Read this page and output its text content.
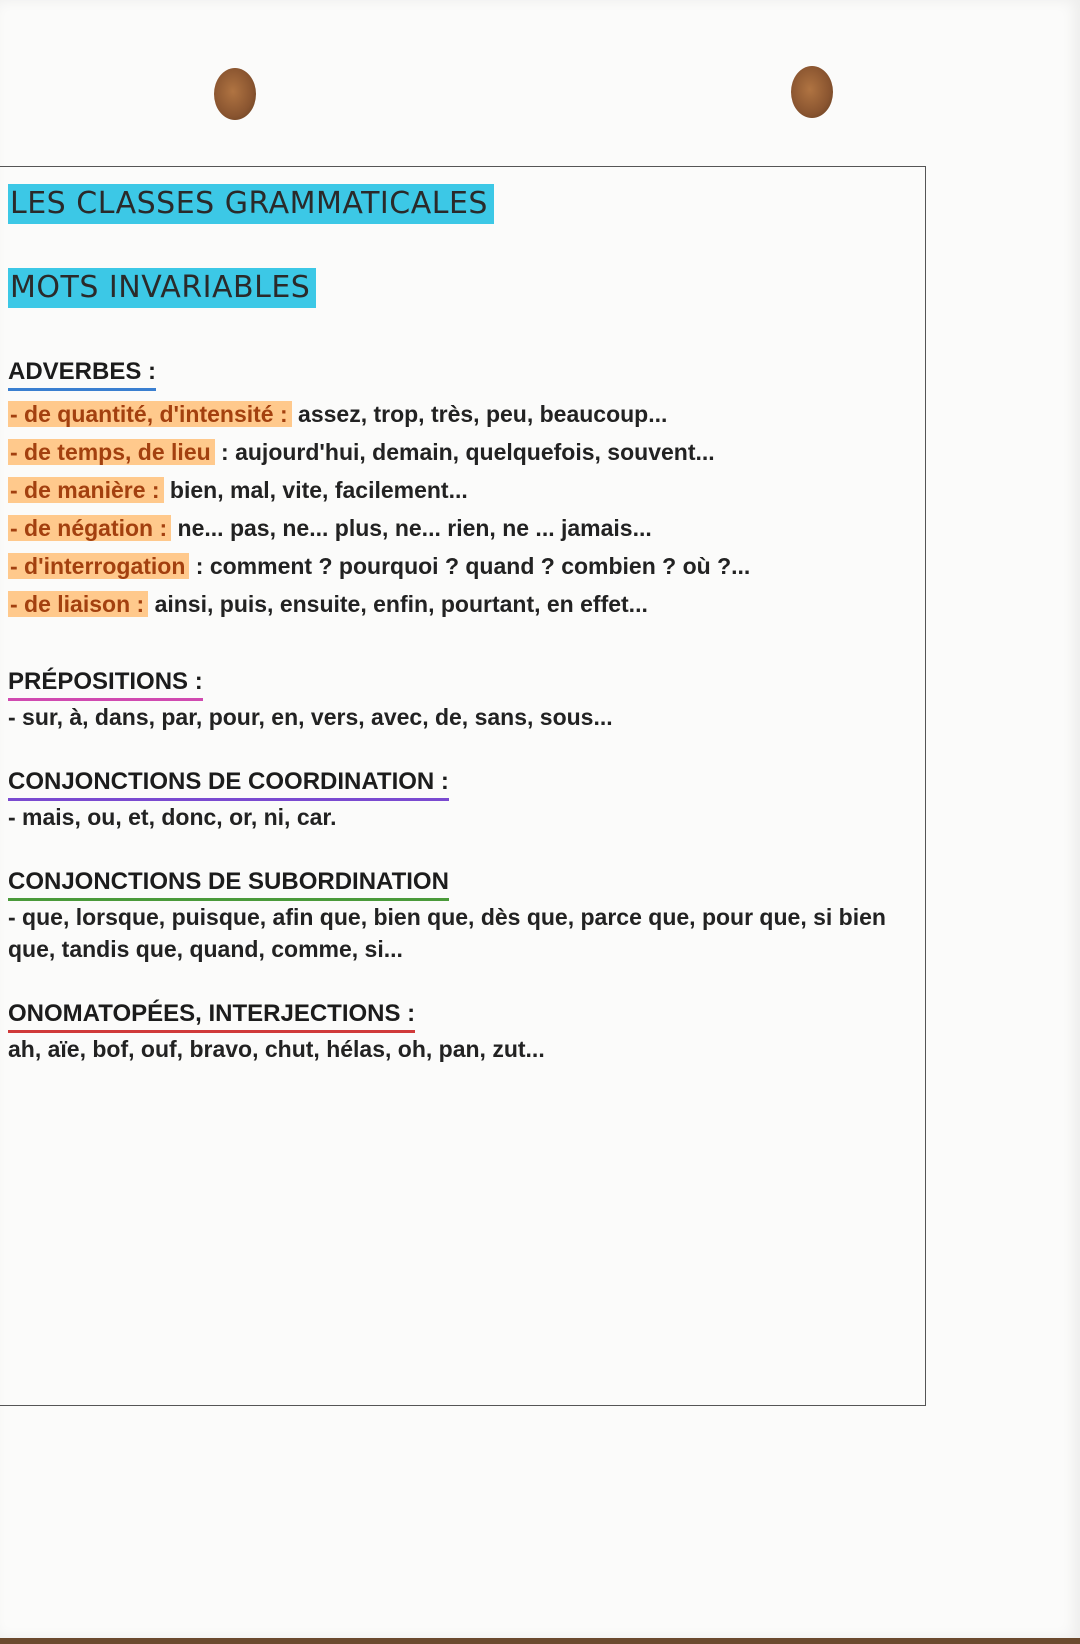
LES CLASSES GRAMMATICALES
MOTS INVARIABLES
ADVERBES :
- de quantité, d'intensité : assez, trop, très, peu, beaucoup...
- de temps, de lieu : aujourd'hui, demain, quelquefois, souvent...
- de manière : bien, mal, vite, facilement...
- de négation : ne... pas, ne... plus, ne... rien, ne ... jamais...
- d'interrogation : comment ? pourquoi ? quand ? combien ? où ?...
- de liaison : ainsi, puis, ensuite, enfin, pourtant, en effet...
PRÉPOSITIONS :
- sur, à, dans, par, pour, en, vers, avec, de, sans, sous...
CONJONCTIONS DE COORDINATION :
- mais, ou, et, donc, or, ni, car.
CONJONCTIONS DE SUBORDINATION
- que, lorsque, puisque, afin que, bien que, dès que, parce que, pour que, si bien que, tandis que, quand, comme, si...
ONOMATOPÉES, INTERJECTIONS :
ah, aïe, bof, ouf, bravo, chut, hélas, oh, pan, zut...
